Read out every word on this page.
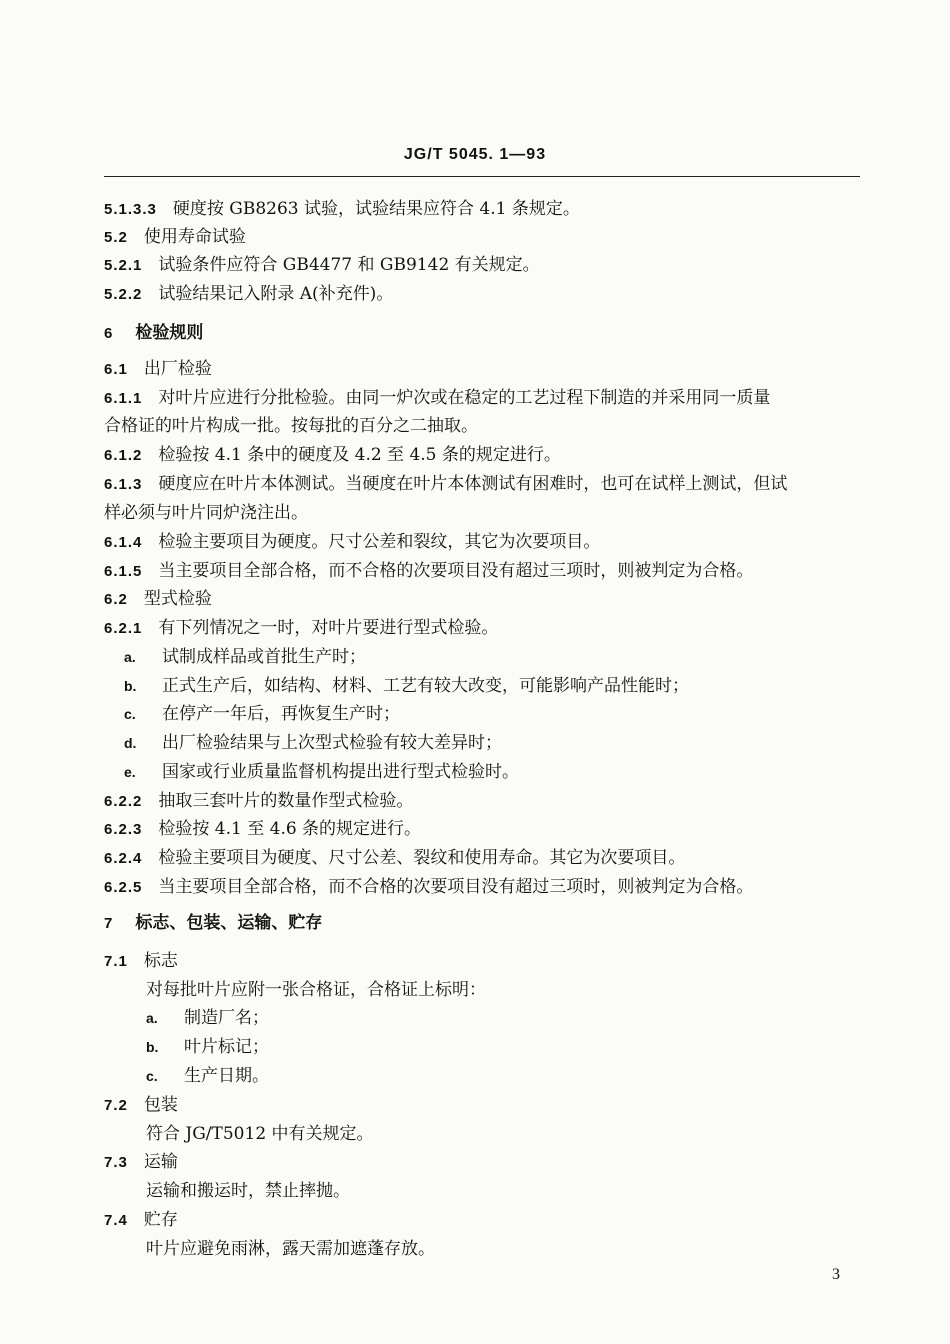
JG/T 5045. 1—93
5.1.3.3 硬度按 GB8263 试验，试验结果应符合 4.1 条规定。
5.2 使用寿命试验
5.2.1 试验条件应符合 GB4477 和 GB9142 有关规定。
5.2.2 试验结果记入附录 A(补充件)。
6 检验规则
6.1 出厂检验
6.1.1 对叶片应进行分批检验。由同一炉次或在稳定的工艺过程下制造的并采用同一质量
合格证的叶片构成一批。按每批的百分之二抽取。
6.1.2 检验按 4.1 条中的硬度及 4.2 至 4.5 条的规定进行。
6.1.3 硬度应在叶片本体测试。当硬度在叶片本体测试有困难时，也可在试样上测试，但试
样必须与叶片同炉浇注出。
6.1.4 检验主要项目为硬度。尺寸公差和裂纹，其它为次要项目。
6.1.5 当主要项目全部合格，而不合格的次要项目没有超过三项时，则被判定为合格。
6.2 型式检验
6.2.1 有下列情况之一时，对叶片要进行型式检验。
a. 试制成样品或首批生产时；
b. 正式生产后，如结构、材料、工艺有较大改变，可能影响产品性能时；
c. 在停产一年后，再恢复生产时；
d. 出厂检验结果与上次型式检验有较大差异时；
e. 国家或行业质量监督机构提出进行型式检验时。
6.2.2 抽取三套叶片的数量作型式检验。
6.2.3 检验按 4.1 至 4.6 条的规定进行。
6.2.4 检验主要项目为硬度、尺寸公差、裂纹和使用寿命。其它为次要项目。
6.2.5 当主要项目全部合格，而不合格的次要项目没有超过三项时，则被判定为合格。
7 标志、包装、运输、贮存
7.1 标志
对每批叶片应附一张合格证，合格证上标明：
a. 制造厂名；
b. 叶片标记；
c. 生产日期。
7.2 包装
符合 JG/T5012 中有关规定。
7.3 运输
运输和搬运时，禁止摔抛。
7.4 贮存
叶片应避免雨淋，露天需加遮蓬存放。
3
